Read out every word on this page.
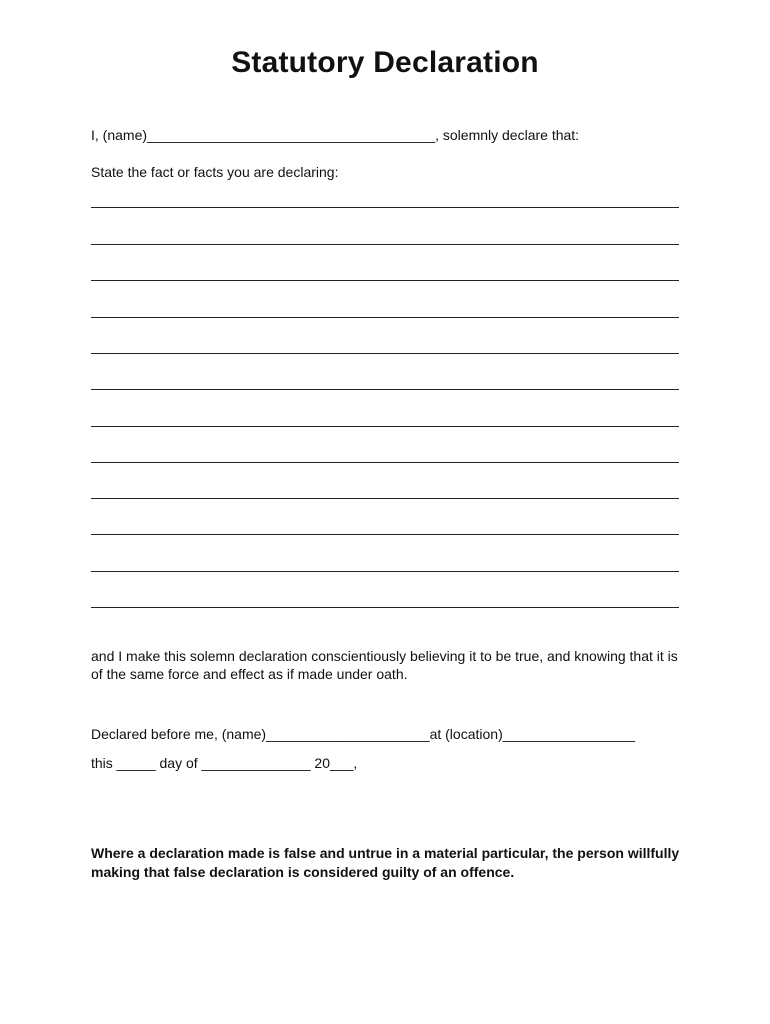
Statutory Declaration
I, (name)_____________________________________, solemnly declare that:
State the fact or facts you are declaring:
and I make this solemn declaration conscientiously believing it to be true, and knowing that it is of the same force and effect as if made under oath.
Declared before me, (name)_____________________at (location)_________________
this _____ day of ______________ 20___,
Where a declaration made is false and untrue in a material particular, the person willfully making that false declaration is considered guilty of an offence.
